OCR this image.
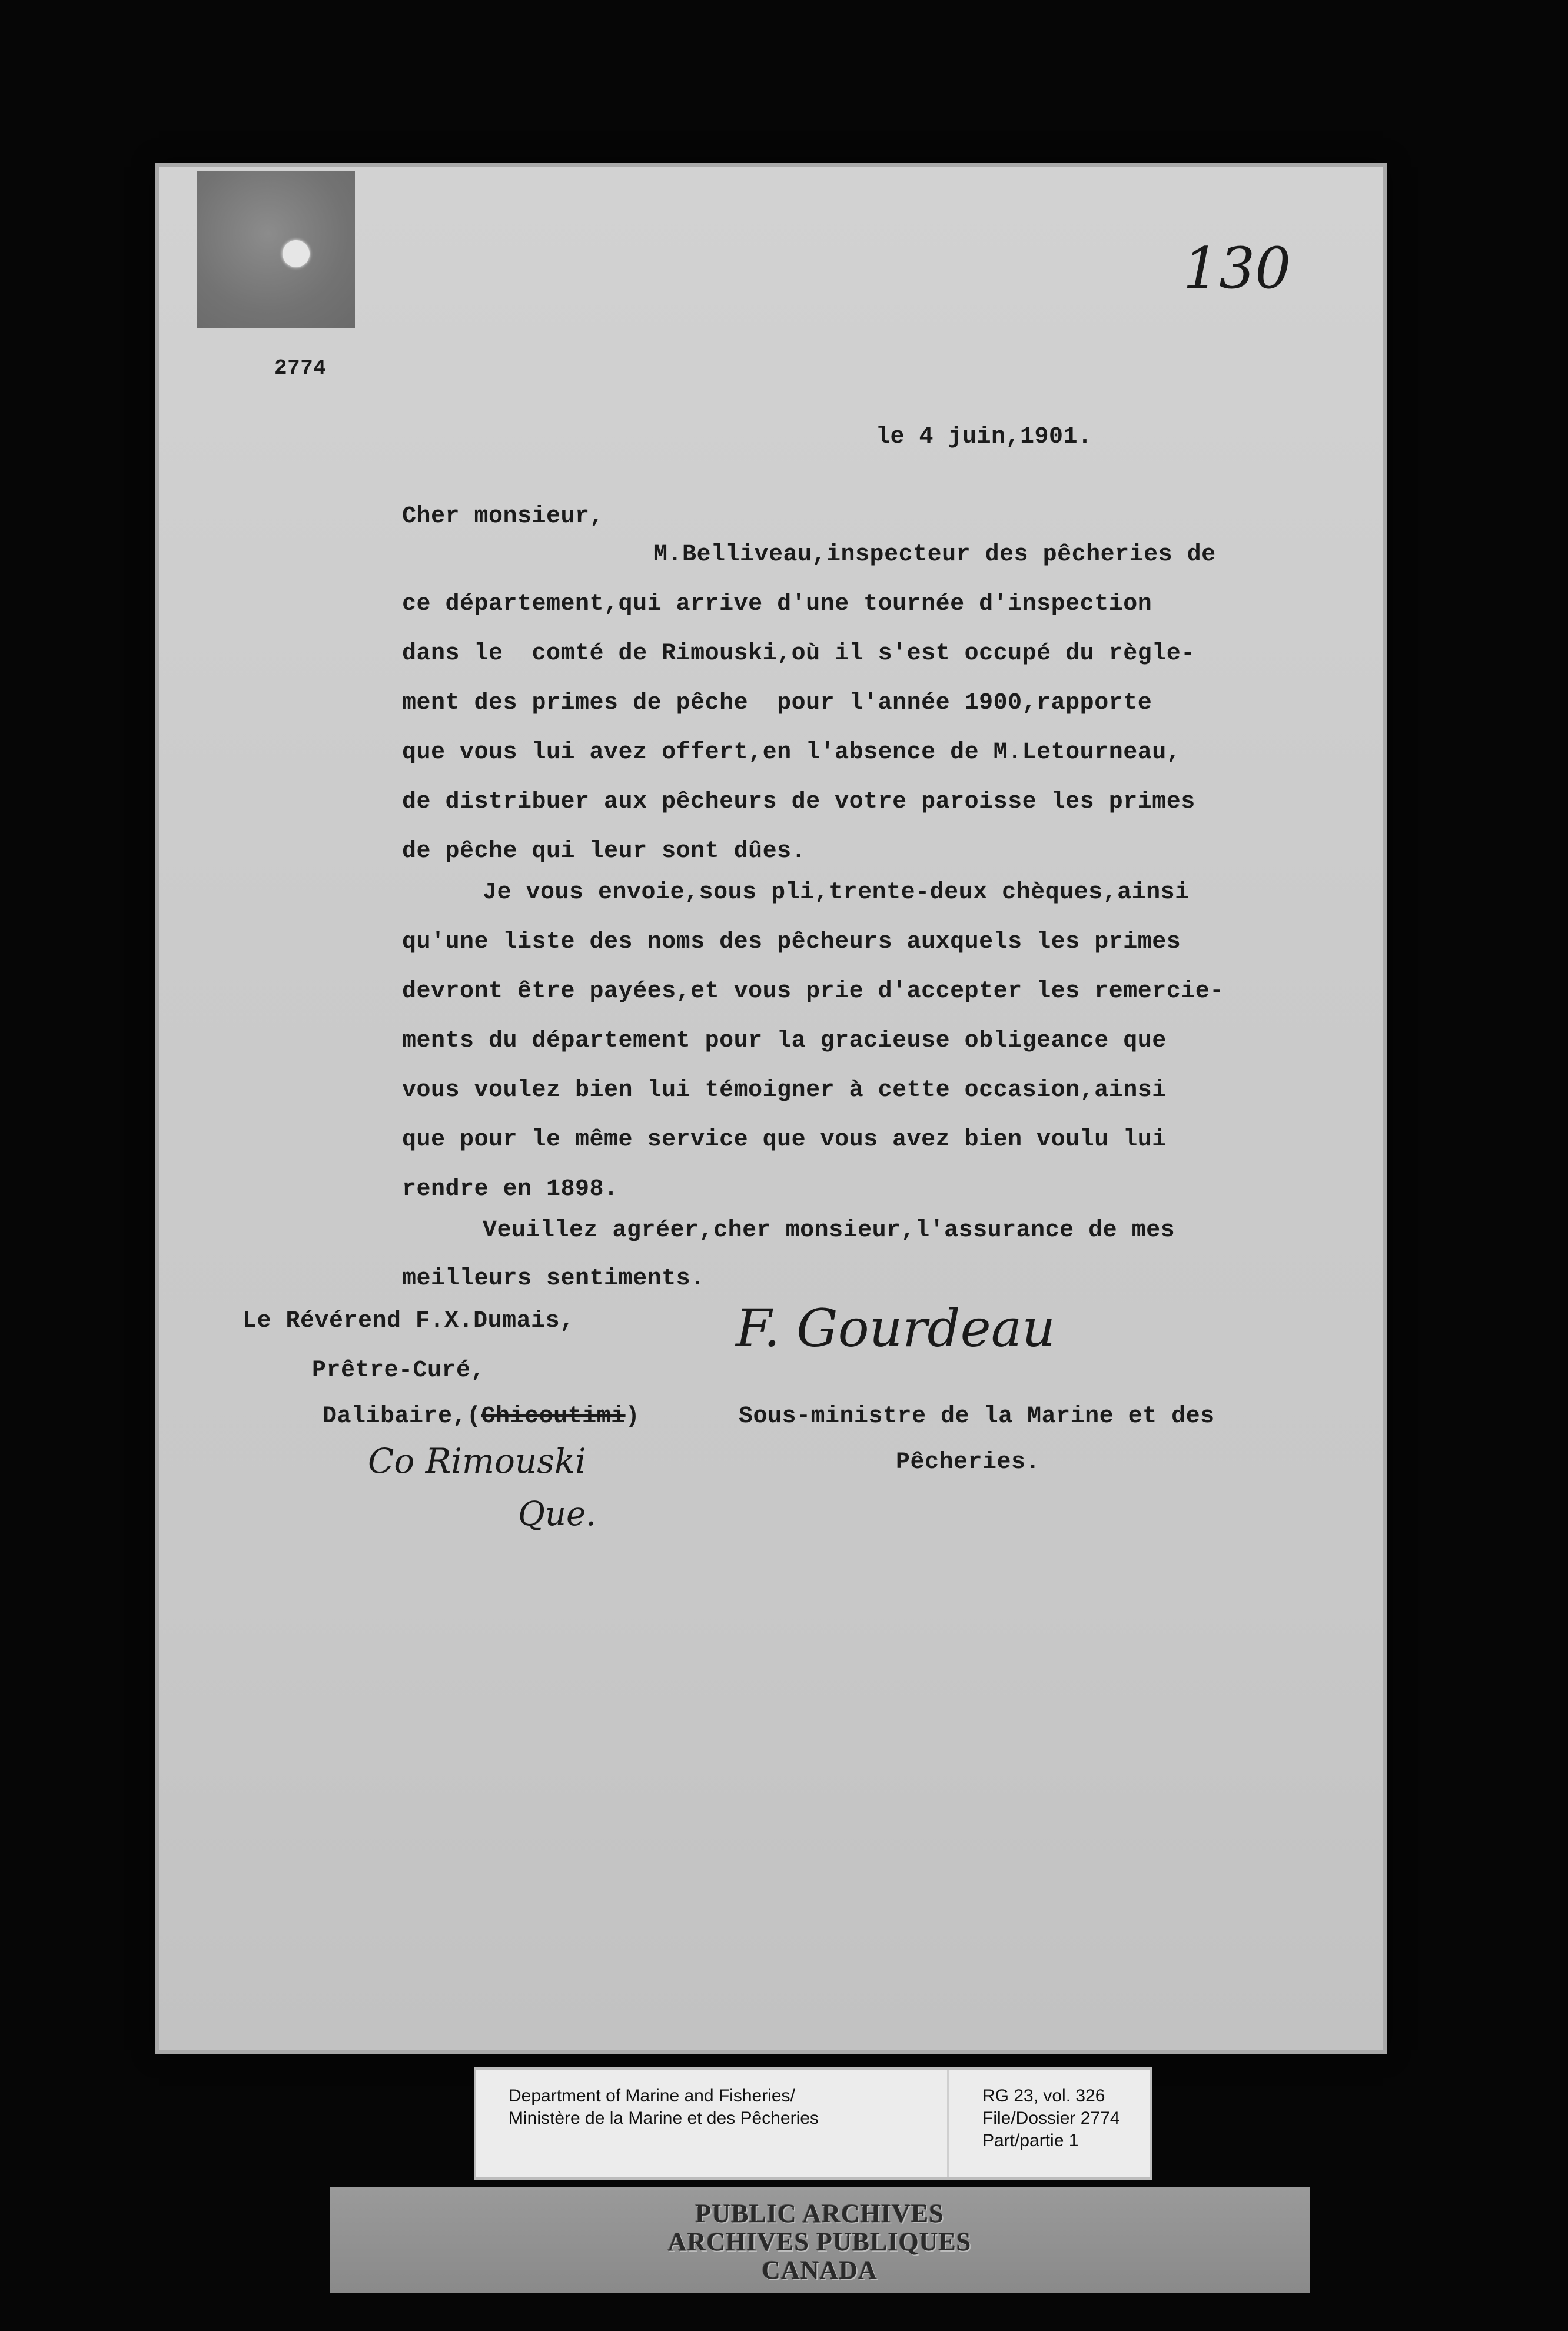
2774
130
le 4 juin,1901.
Cher monsieur,
M.Belliveau,inspecteur des pêcheries de
ce département,qui arrive d'une tournée d'inspection
dans le  comté de Rimouski,où il s'est occupé du règle-
ment des primes de pêche  pour l'année 1900,rapporte
que vous lui avez offert,en l'absence de M.Letourneau,
de distribuer aux pêcheurs de votre paroisse les primes
de pêche qui leur sont dûes.
Je vous envoie,sous pli,trente-deux chèques,ainsi
qu'une liste des noms des pêcheurs auxquels les primes
devront être payées,et vous prie d'accepter les remercie-
ments du département pour la gracieuse obligeance que
vous voulez bien lui témoigner à cette occasion,ainsi
que pour le même service que vous avez bien voulu lui
rendre en 1898.
Veuillez agréer,cher monsieur,l'assurance de mes
meilleurs sentiments.
Le Révérend F.X.Dumais,
Prêtre-Curé,
Dalibaire,(Chicoutimi)
Co Rimouski
Que.
F. Gourdeau
Sous-ministre de la Marine et des
Pêcheries.
Department of Marine and Fisheries/
Ministère de la Marine et des Pêcheries
RG 23, vol. 326
File/Dossier 2774
Part/partie 1
PUBLIC ARCHIVES
ARCHIVES PUBLIQUES
CANADA
